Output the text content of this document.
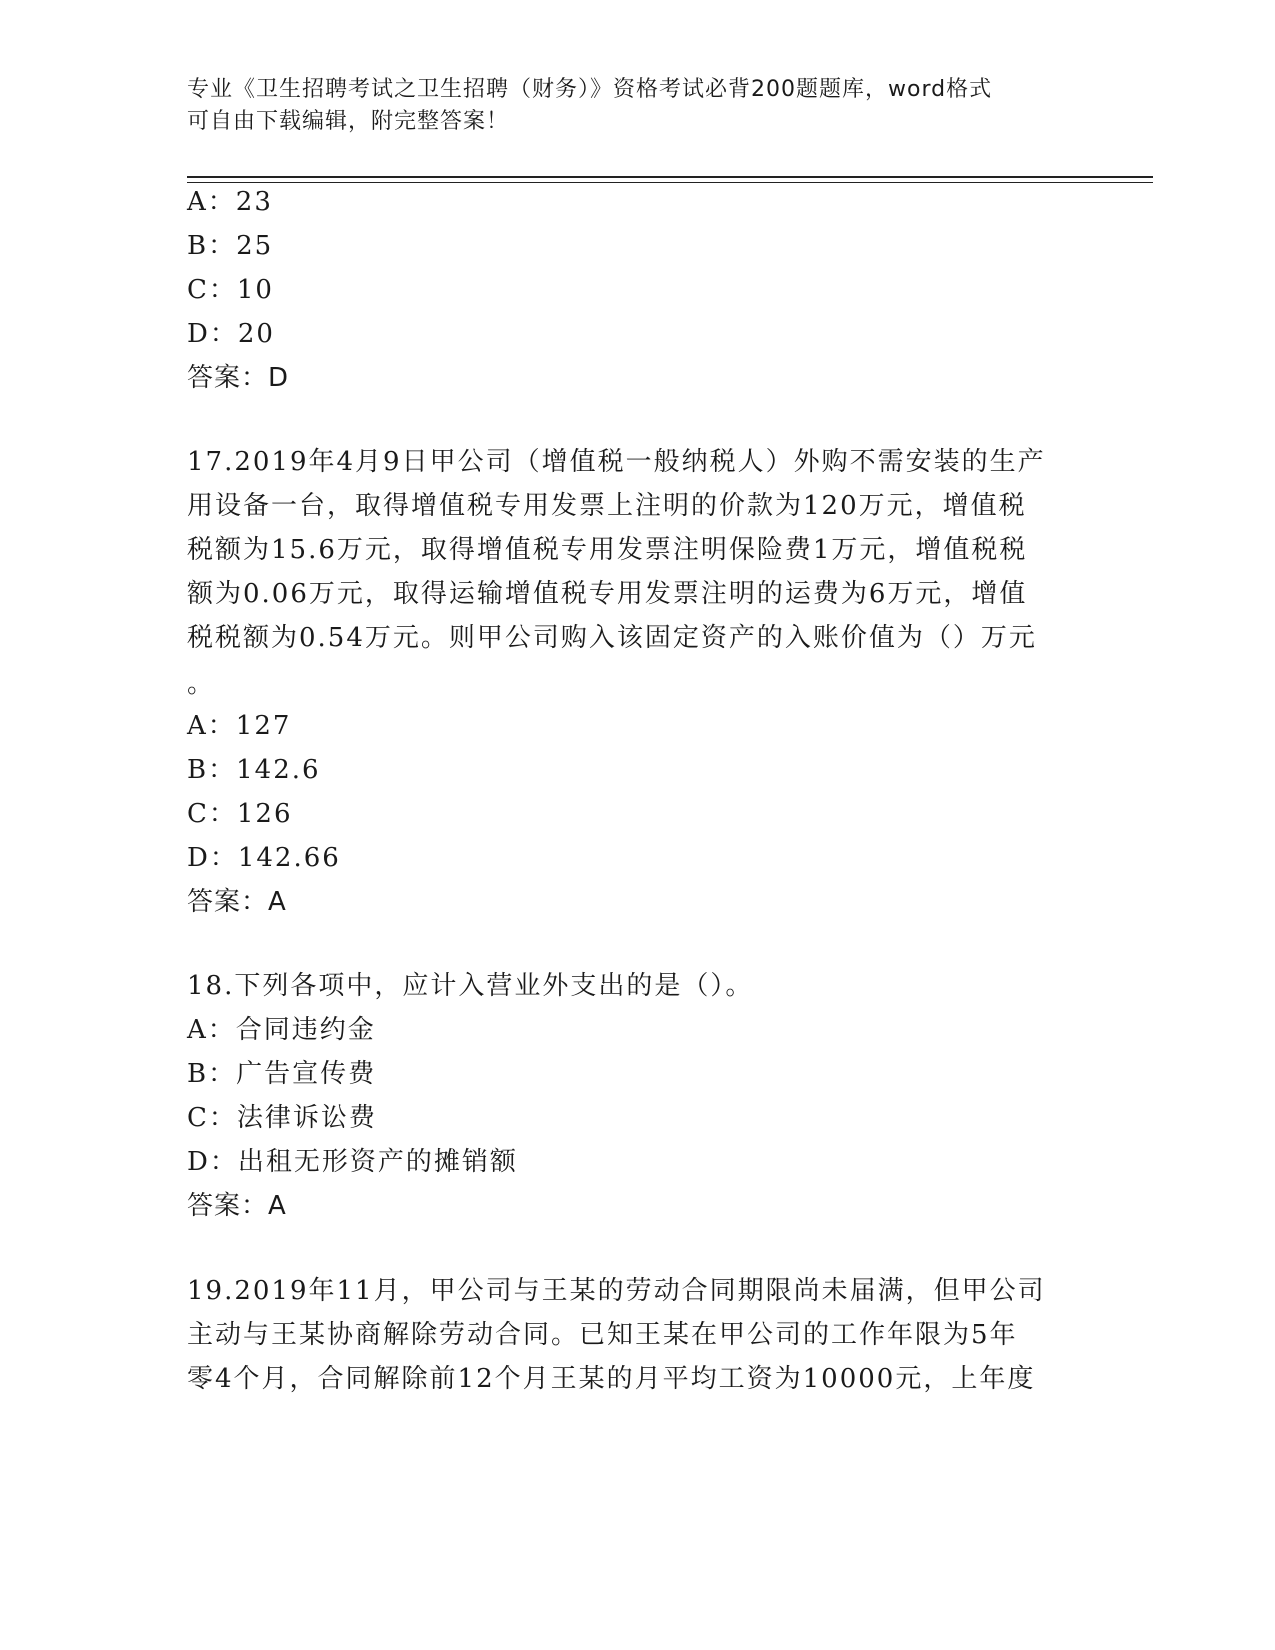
专业《卫生招聘考试之卫生招聘（财务）》资格考试必背200题题库，word格式
可自由下载编辑，附完整答案！
A：23
B：25
C：10
D：20
答案：D
17.2019年4月9日甲公司（增值税一般纳税人）外购不需安装的生产
用设备一台，取得增值税专用发票上注明的价款为120万元，增值税
税额为15.6万元，取得增值税专用发票注明保险费1万元，增值税税
额为0.06万元，取得运输增值税专用发票注明的运费为6万元，增值
税税额为0.54万元。则甲公司购入该固定资产的入账价值为（）万元
。
A：127
B：142.6
C：126
D：142.66
答案：A
18.下列各项中，应计入营业外支出的是（）。
A：合同违约金
B：广告宣传费
C：法律诉讼费
D：出租无形资产的摊销额
答案：A
19.2019年11月，甲公司与王某的劳动合同期限尚未届满，但甲公司
主动与王某协商解除劳动合同。已知王某在甲公司的工作年限为5年
零4个月，合同解除前12个月王某的月平均工资为10000元，上年度
